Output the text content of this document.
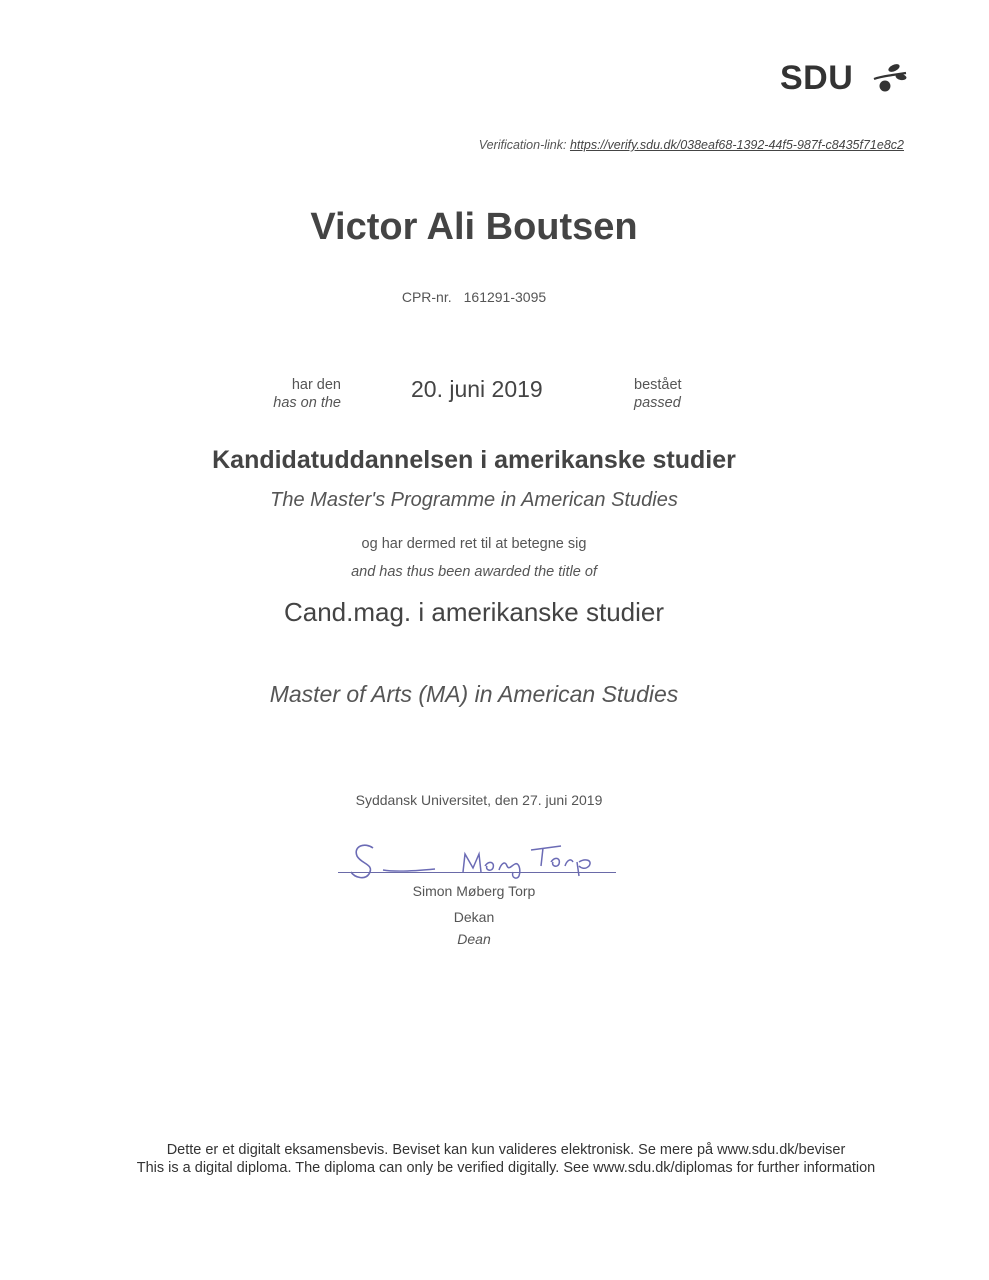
SDU
Verification-link: https://verify.sdu.dk/038eaf68-1392-44f5-987f-c8435f71e8c2
Victor Ali Boutsen
CPR-nr. 161291-3095
har den
has on the
20. juni 2019	bestået
passed
Kandidatuddannelsen i amerikanske studier
The Master's Programme in American Studies
og har dermed ret til at betegne sig
and has thus been awarded the title of
Cand.mag. i amerikanske studier
Master of Arts (MA) in American Studies
Syddansk Universitet, den 27. juni 2019
Simon Møberg Torp
Dekan
Dean
Dette er et digitalt eksamensbevis. Beviset kan kun valideres elektronisk. Se mere på www.sdu.dk/beviser
This is a digital diploma. The diploma can only be verified digitally. See www.sdu.dk/diplomas for further information
